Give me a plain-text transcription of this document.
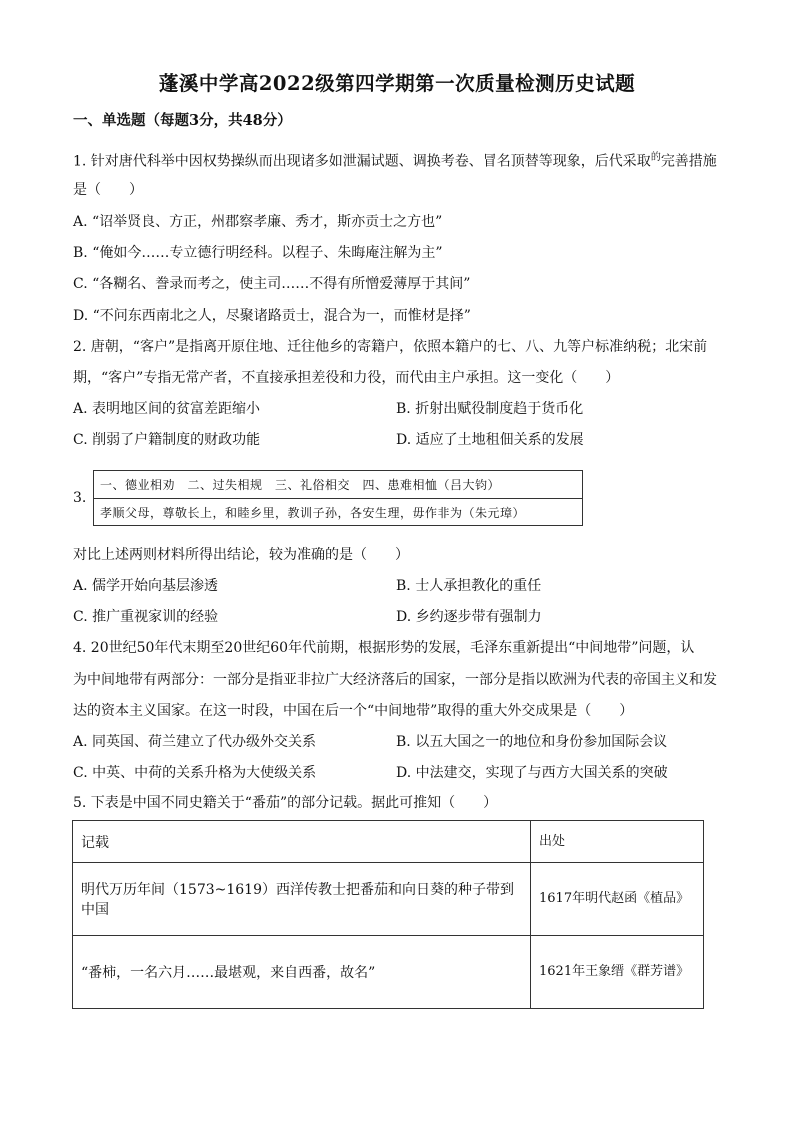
蓬溪中学高2022级第四学期第一次质量检测历史试题
一、单选题（每题3分，共48分）
1. 针对唐代科举中因权势操纵而出现诸多如泄漏试题、调换考卷、冒名顶替等现象，后代采取$^的$完善措施
是（　　）
A. “诏举贤良、方正，州郡察孝廉、秀才，斯亦贡士之方也”
B. “俺如今……专立德行明经科。以程子、朱晦庵注解为主”
C. “各糊名、誊录而考之，使主司……不得有所憎爱薄厚于其间”
D. “不问东西南北之人，尽聚诸路贡士，混合为一，而惟材是择”
2. 唐朝，“客户”是指离开原住地、迁往他乡的寄籍户，依照本籍户的七、八、九等户标准纳税；北宋前
期，“客户”专指无常产者，不直接承担差役和力役，而代由主户承担。这一变化（　　）
A. 表明地区间的贫富差距缩小	B. 折射出赋役制度趋于货币化
C. 削弱了户籍制度的财政功能	D. 适应了土地租佃关系的发展
3.
一、德业相劝　二、过失相规　三、礼俗相交　四、患难相恤（吕大钧）
孝顺父母，尊敬长上，和睦乡里，教训子孙，各安生理，毋作非为（朱元璋）
对比上述两则材料所得出结论，较为准确的是（　　）
A. 儒学开始向基层渗透	B. 士人承担教化的重任
C. 推广重视家训的经验	D. 乡约逐步带有强制力
4. 20世纪50年代末期至20世纪60年代前期，根据形势的发展，毛泽东重新提出“中间地带”问题，认
为中间地带有两部分：一部分是指亚非拉广大经济落后的国家，一部分是指以欧洲为代表的帝国主义和发
达的资本主义国家。在这一时段，中国在后一个“中间地带”取得的重大外交成果是（　　）
A. 同英国、荷兰建立了代办级外交关系	B. 以五大国之一的地位和身份参加国际会议
C. 中英、中荷的关系升格为大使级关系	D. 中法建交，实现了与西方大国关系的突破
5. 下表是中国不同史籍关于“番茄”的部分记载。据此可推知（　　）
记载	出处
明代万历年间（1573~1619）西洋传教士把番茄和向日葵的种子带到中国	1617年明代赵函《植品》
“番柿，一名六月……最堪观，来自西番，故名”	1621年王象缙《群芳谱》
